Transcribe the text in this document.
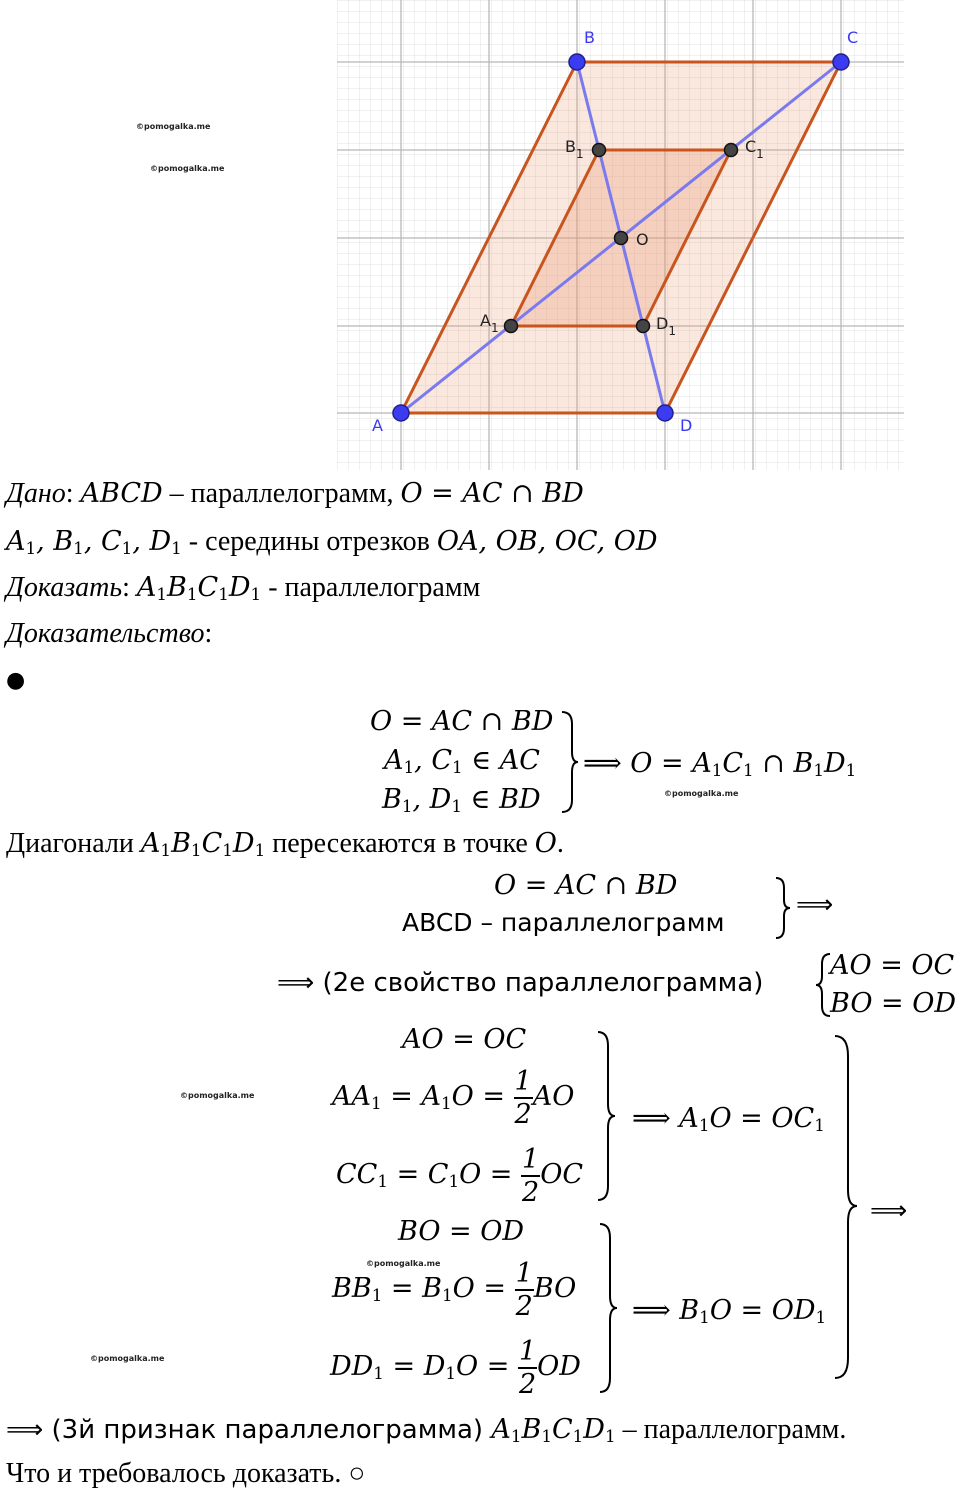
A
B	C
D
$A_1$
$B_1$	$C_1$
$D_1$
O
©pomogalka.me
©pomogalka.me
©pomogalka.me
©pomogalka.me
©pomogalka.me
©pomogalka.me
Дано: ABCD – параллелограмм, O = AC ∩ BD
$A_1$, $B_1$, $C_1$, $D_1$ - середины отрезков OA, OB, OC, OD
Доказать: $A_1B_1C_1D_1$ - параллелограмм
Доказательство:
●
O = AC ∩ BD
$A_1$, $C_1$ ∈ AC
$B_1$, $D_1$ ∈ BD
⟹ $O = A_1C_1$ ∩ $B_1D_1$
Диагонали $A_1B_1C_1D_1$ пересекаются в точке O.
O = AC ∩ BD
ABCD – параллелограмм
⟹
⟹ (2е свойство параллелограмма)
AO = OC
BO = OD
AO = OC
$AA_1 = A_1O = \frac{1}{2}$ AO
$CC_1 = C_1O = \frac{1}{2}$ OC
⟹ $A_1O = OC_1$
BO = OD
$BB_1 = B_1O = \frac{1}{2}$ BO
$DD_1 = D_1O = \frac{1}{2}$ OD
⟹ $B_1O = OD_1$
⟹
⟹ (3й признак параллелограмма) $A_1B_1C_1D_1$ – параллелограмм.
Что и требовалось доказать. ○
